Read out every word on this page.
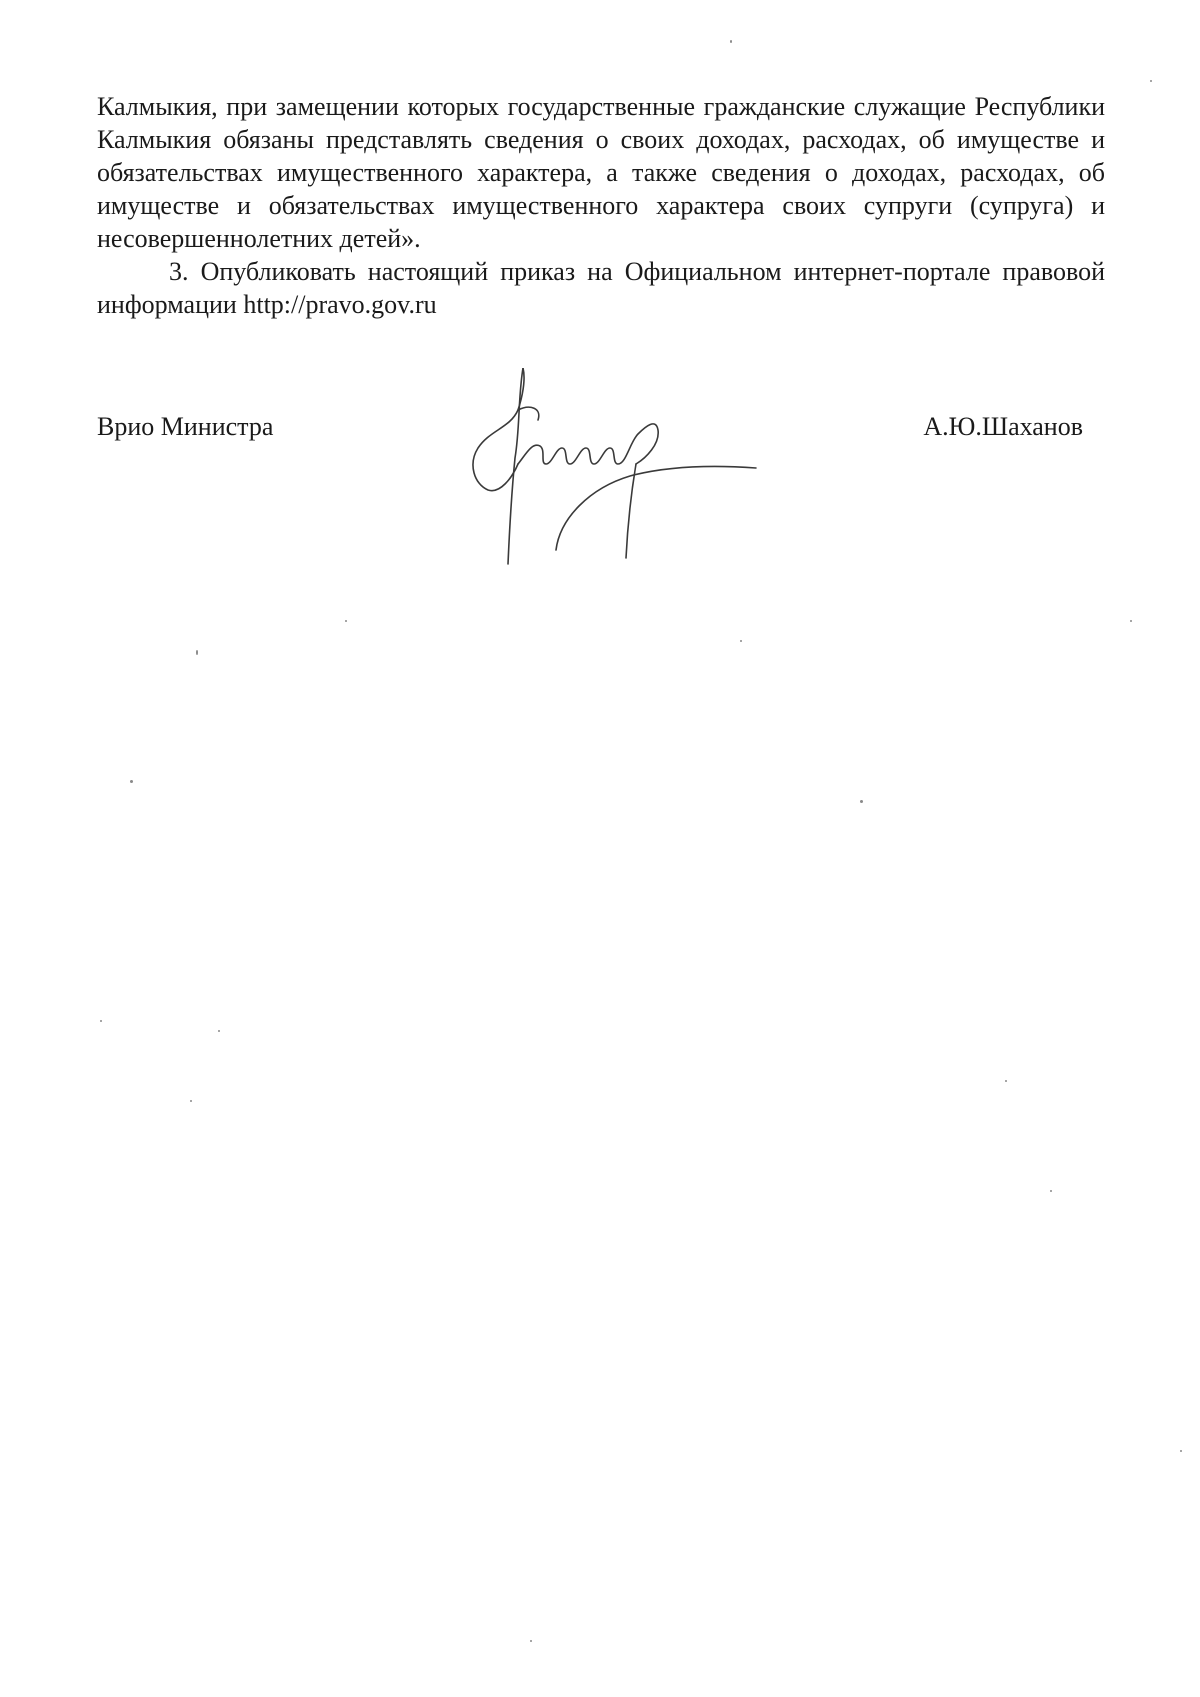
Калмыкия, при замещении которых государственные гражданские служащие Республики Калмыкия обязаны представлять сведения о своих доходах, расходах, об имуществе и обязательствах имущественного характера, а также сведения о доходах, расходах, об имуществе и обязательствах имущественного характера своих супруги (супруга) и несовершеннолетних детей».

3. Опубликовать настоящий приказ на Официальном интернет-портале правовой информации http://pravo.gov.ru

Врио Министра	А.Ю.Шаханов
